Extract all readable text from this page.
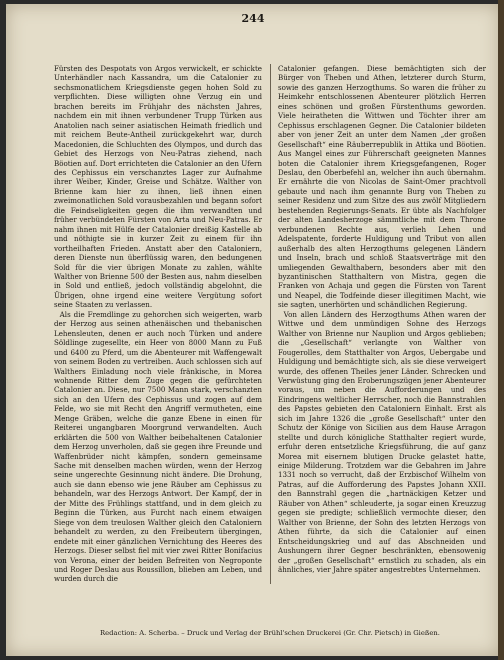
244

Fürsten des Despotats von Argos verwickelt, er schickte Unterhändler nach Kassandra, um die Catalonier zu sechsmonatlichem Kriegsdienste gegen hohen Sold zu verpflichten. Diese willigten ohne Verzug ein und brachen bereits im Frühjahr des nächsten Jahres, nachdem ein mit ihnen verbundener Trupp Türken aus Anatolien nach seiner asiatischen Heimath friedlich und mit reichem Beute-Antheil zurückgekehrt war, durch Macedonien, die Schluchten des Olympos, und durch das Gebiet des Herzogs von Neu-Patras ziehend, nach Böotien auf. Dort errichteten die Catalonier an den Ufern des Cephissus ein verschanztes Lager zur Aufnahme ihrer Weiber, Kinder, Greise und Schätze. Walther von Brienne kam hier zu ihnen, ließ ihnen einen zweimonatlichen Sold vorausbezahlen und begann sofort die Feindseligkeiten gegen die ihm verwandten und früher verbündeten Fürsten von Arta und Neu-Patras. Er nahm ihnen mit Hülfe der Catalonier dreißig Kastelle ab und nöthigte sie in kurzer Zeit zu einem für ihn vortheilhaften Frieden. Anstatt aber den Cataloniern, deren Dienste nun überflüssig waren, den bedungenen Sold für die vier übrigen Monate zu zahlen, wählte Walther von Brienne 500 der Besten aus, nahm dieselben in Sold und entließ, jedoch vollständig abgelohnt, die Übrigen, ohne irgend eine weitere Vergütung sofort seine Staaten zu verlassen.

Als die Fremdlinge zu gehorchen sich weigerten, warb der Herzog aus seinen athenäischen und thebanischen Lehensleuten, denen er auch noch Türken und andere Söldlinge zugesellte, ein Heer von 8000 Mann zu Fuß und 6400 zu Pferd, um die Abenteurer mit Waffengewalt von seinem Boden zu vertreiben. Auch schlossen sich auf Walthers Einladung noch viele fränkische, in Morea wohnende Ritter dem Zuge gegen die gefürchteten Catalonier an. Diese, nur 7500 Mann stark, verschanzten sich an den Ufern des Cephissus und zogen auf dem Felde, wo sie mit Recht den Angriff vermutheten, eine Menge Gräben, welche die ganze Ebene in einen für Reiterei ungangbaren Moorgrund verwandelten. Auch erklärten die 500 von Walther beibehaltenen Catalonier dem Herzog unverholen, daß sie gegen ihre Freunde und Waffenbrüder nicht kämpfen, sondern gemeinsame Sache mit denselben machen würden, wenn der Herzog seine ungerechte Gesinnung nicht ändere. Die Drohung, auch sie dann ebenso wie jene Räuber am Cephissus zu behandeln, war des Herzogs Antwort. Der Kampf, der in der Mitte des Frühlings stattfand, und in dem gleich zu Beginn die Türken, aus Furcht nach einem etwaigen Siege von dem treulosen Walther gleich den Cataloniern behandelt zu werden, zu den Freibeutern übergingen, endete mit einer gänzlichen Vernichtung des Heeres des Herzogs. Dieser selbst fiel mit vier zwei Ritter Bonifacius von Verona, einer der beiden Befreiten von Negroponte und Roger Deslau aus Roussillon, blieben am Leben, und wurden durch die

Catalonier gefangen. Diese bemächtigten sich der Bürger von Theben und Athen, letzterer durch Sturm, sowie des ganzen Herzogthums. So waren die früher zu Heimkehr entschlossenen Abenteurer plötzlich Herren eines schönen und großen Fürstenthums geworden. Viele heiratheten die Wittwen und Töchter ihrer am Cephissus erschlagenen Gegner. Die Catalonier bildeten aber von jener Zeit an unter dem Namen „der großen Gesellschaft“ eine Räuberrepublik in Attika und Böotien. Aus Mangel eines zur Führerschaft geeigneten Mannes boten die Catalonier ihrem Kriegsgefangenen, Roger Deslau, den Oberbefehl an, welcher ihn auch übernahm. Er ernährte die von Nicolas de Saint-Omer prachtvoll gebaute und nach ihm genannte Burg von Theben zu seiner Residenz und zum Sitze des aus zwölf Mitgliedern bestehenden Regierungs-Senats. Er übte als Nachfolger der alten Landesherzoge sämmtliche mit dem Throne verbundenen Rechte aus, verlieh Lehen und Adelspatente, forderte Huldigung und Tribut von allen außerhalb des alten Herzogthums gelegenen Ländern und Inseln, brach und schloß Staatsverträge mit den umliegenden Gewalthabern, besonders aber mit den byzantinischen Statthaltern von Mistra, gegen die Franken von Achaja und gegen die Fürsten von Tarent und Neapel, die Todfeinde dieser illegitimen Macht, wie sie sagten, unerhörten und schändlichen Regierung.

Von allen Ländern des Herzogthums Athen waren der Wittwe und dem unmündigen Sohne des Herzogs Walther von Brienne nur Nauplion und Argos geblieben; die „Gesellschaft“ verlangte von Walther von Fougerolles, dem Statthalter von Argos, Uebergabe und Huldigung und bemächtigte sich, als sie diese verweigert wurde, des offenen Theiles jener Länder. Schrecken und Verwüstung ging den Eroberungszügen jener Abenteurer voraus, um neben die Aufforderungen und des Eindringens weltlicher Herrscher, noch die Bannstrahlen des Papstes gebieten den Cataloniern Einhalt. Erst als sich im Jahre 1326 die „große Gesellschaft“ unter den Schutz der Könige von Sicilien aus dem Hause Arragon stellte und durch königliche Statthalter regiert wurde, erfuhr deren entsetzliche Kriegsführung, die auf ganz Morea mit eisernem blutigen Drucke gelastet hatte, einige Milderung. Trotzdem war die Gebahren im Jahre 1331 noch so verrucht, daß der Erzbischof Wilhelm von Patras, auf die Aufforderung des Papstes Johann XXII. den Bannstrahl gegen die „hartnäckigen Ketzer und Räuber von Athen“ schleuderte, ja sogar einen Kreuzzug gegen sie predigte; schließlich vermochte dieser, den Walther von Brienne, der Sohn des letzten Herzogs von Athen führte, da sich die Catalonier auf einen Entscheidungskrieg und auf das Abschneiden und Aushungern ihrer Gegner beschränkten, ebensowenig der „großen Gesellschaft“ ernstlich zu schaden, als ein ähnliches, vier Jahre später angestrebtes Unternehmen.

Redaction: A. Scherba. – Druck und Verlag der Brühl'schen Druckerei (Gr. Chr. Pietsch) in Gießen.
